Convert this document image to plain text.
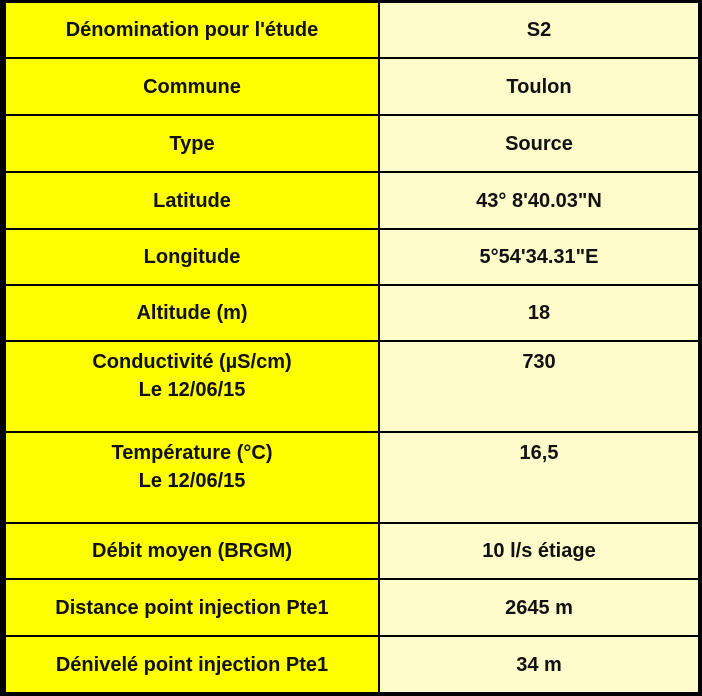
Dénomination pour l'étude	S2
Commune	Toulon
Type	Source
Latitude	43° 8'40.03"N
Longitude	5°54'34.31"E
Altitude (m)	18

Conductivité (µS/cm)
Le 12/06/15	730

Température (°C)
Le 12/06/15	16,5
Débit moyen (BRGM)	10 l/s étiage
Distance point injection Pte1	2645 m
Dénivelé point injection Pte1	34 m
